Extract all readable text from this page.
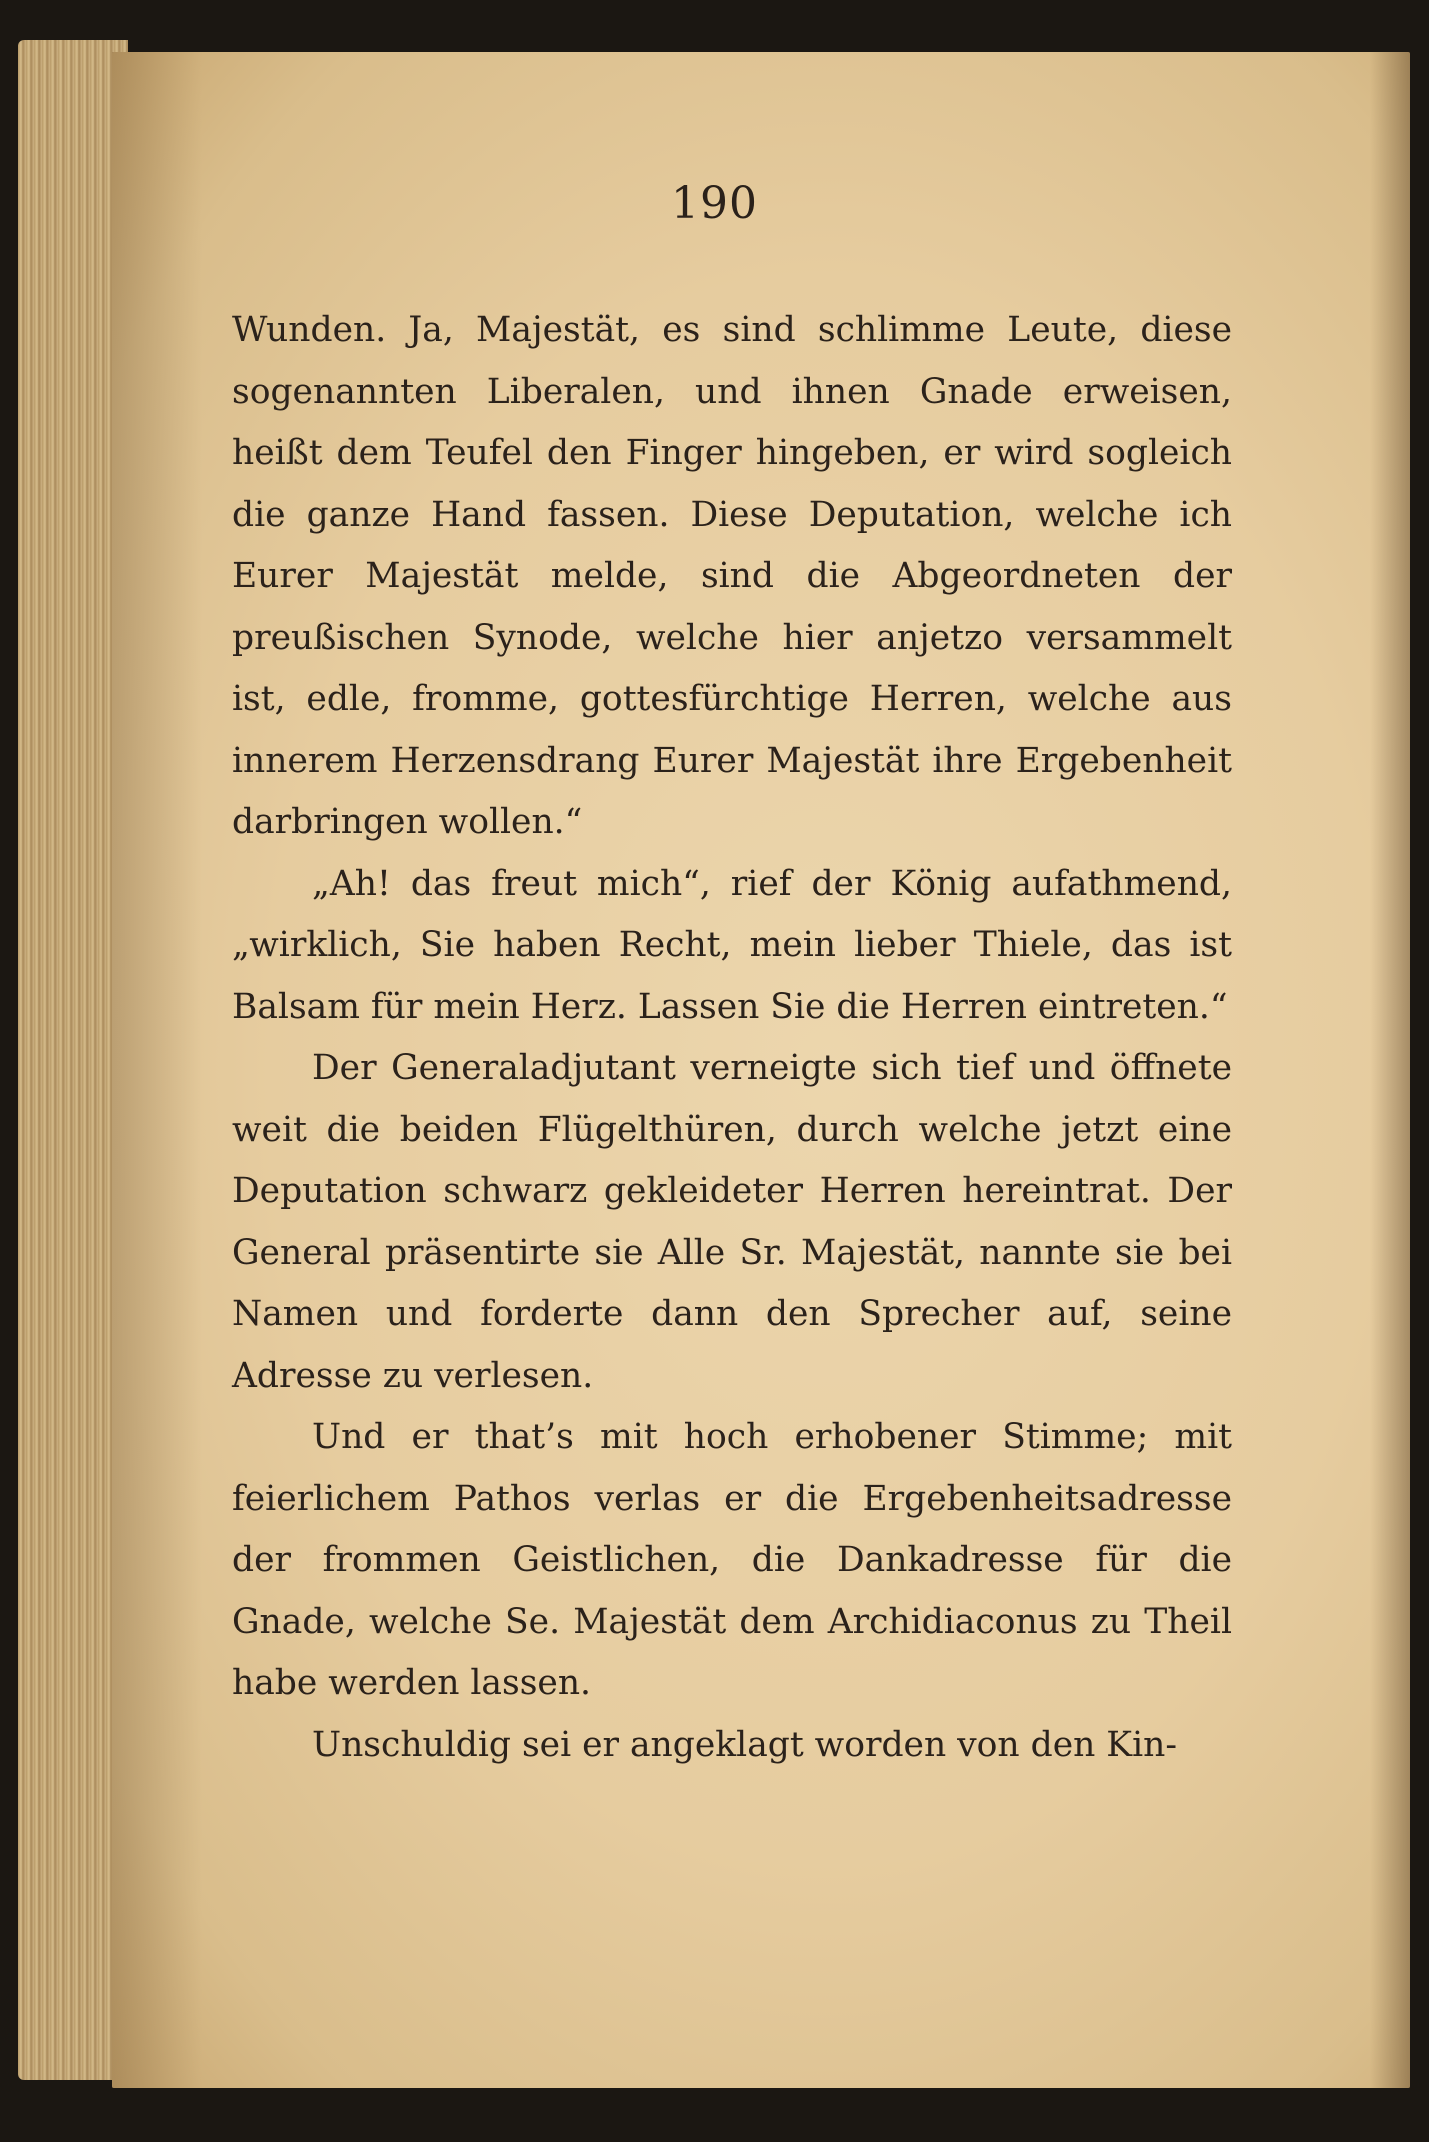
190

Wunden. Ja, Majestät, es sind schlimme Leute, diese sogenannten Liberalen, und ihnen Gnade erweisen, heißt dem Teufel den Finger hingeben, er wird sogleich die ganze Hand fassen. Diese Deputation, welche ich Eurer Majestät melde, sind die Abgeordneten der preußischen Synode, welche hier anjetzo versammelt ist, edle, fromme, gottesfürchtige Herren, welche aus innerem Herzensdrang Eurer Majestät ihre Ergebenheit darbringen wollen.“

„Ah! das freut mich“, rief der König aufathmend, „wirklich, Sie haben Recht, mein lieber Thiele, das ist Balsam für mein Herz. Lassen Sie die Herren eintreten.“

Der Generaladjutant verneigte sich tief und öffnete weit die beiden Flügelthüren, durch welche jetzt eine Deputation schwarz gekleideter Herren hereintrat. Der General präsentirte sie Alle Sr. Majestät, nannte sie bei Namen und forderte dann den Sprecher auf, seine Adresse zu verlesen.

Und er that’s mit hoch erhobener Stimme; mit feierlichem Pathos verlas er die Ergebenheitsadresse der frommen Geistlichen, die Dankadresse für die Gnade, welche Se. Majestät dem Archidiaconus zu Theil habe werden lassen.

Unschuldig sei er angeklagt worden von den Kin-
